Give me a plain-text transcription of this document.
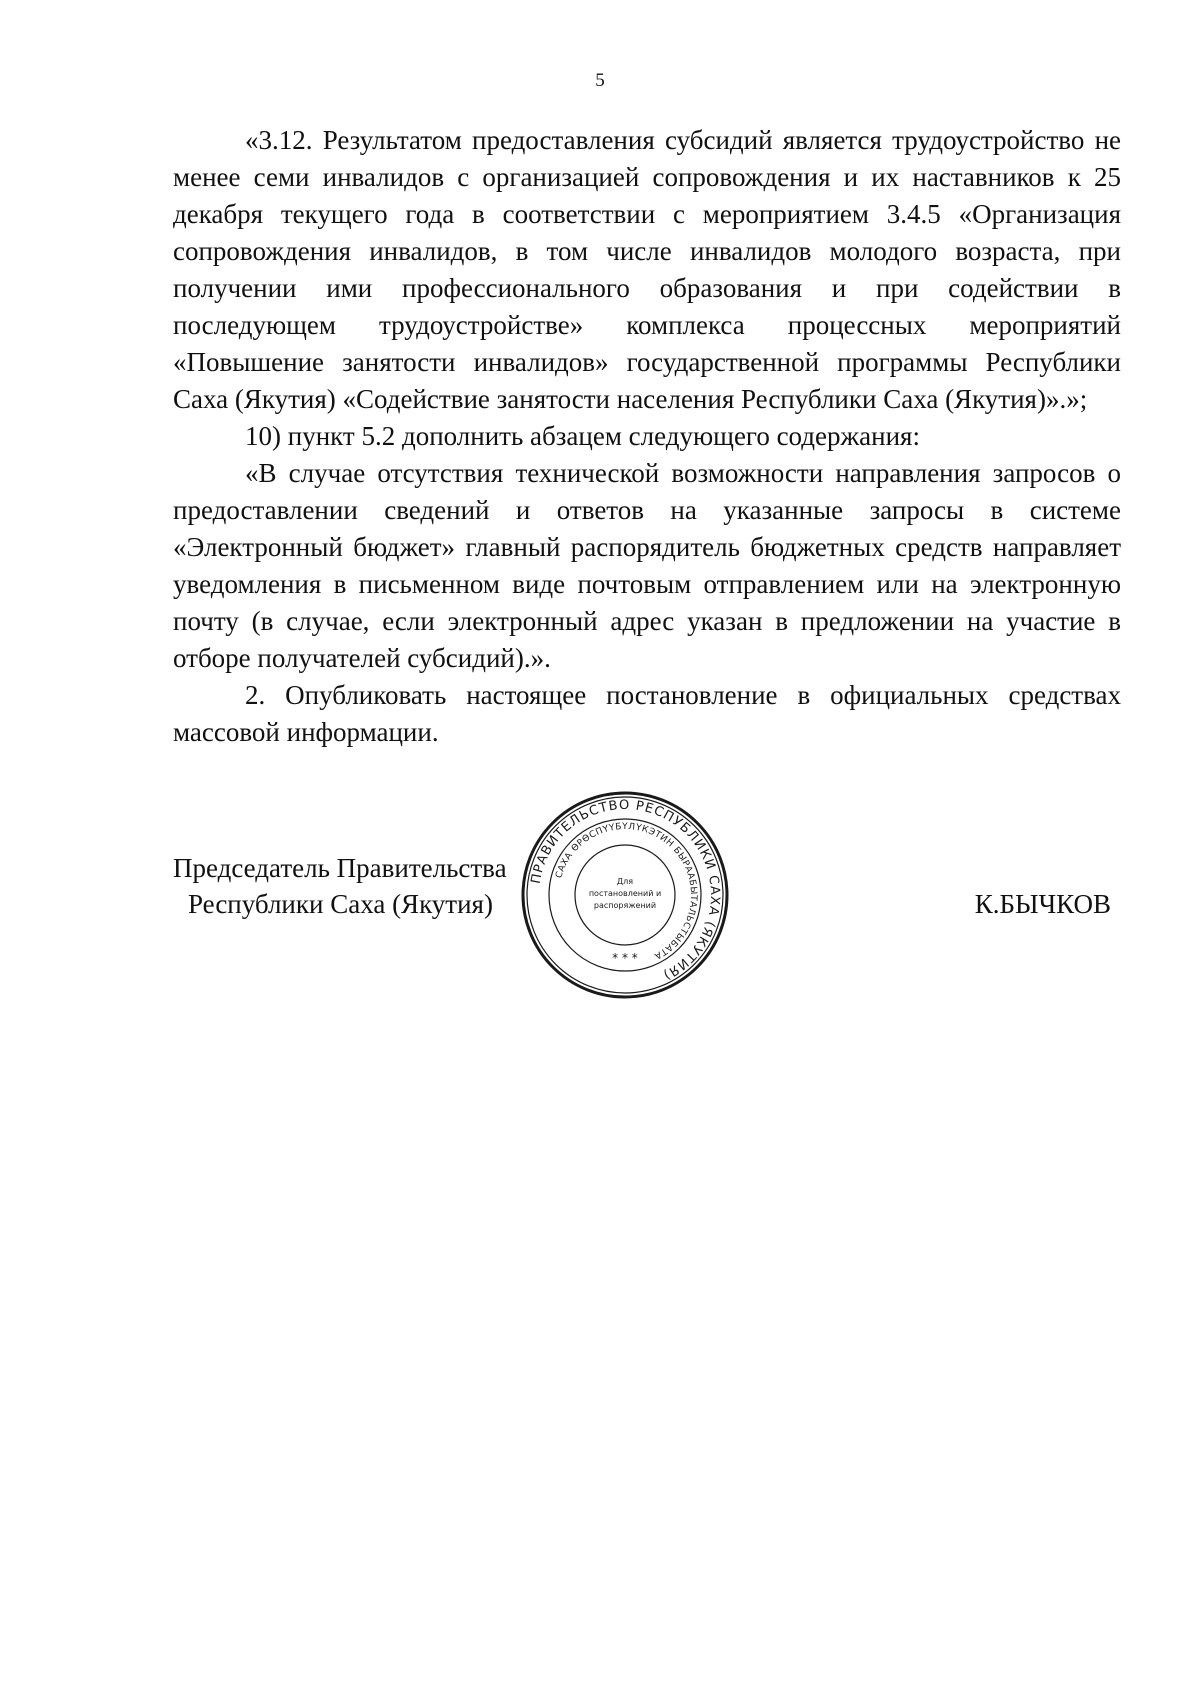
5

«3.12. Результатом предоставления субсидий является трудоустройство не менее семи инвалидов с организацией сопровождения и их наставников к 25 декабря текущего года в соответствии с мероприятием 3.4.5 «Организация сопровождения инвалидов, в том числе инвалидов молодого возраста, при получении ими профессионального образования и при содействии в последующем трудоустройстве» комплекса процессных мероприятий «Повышение занятости инвалидов» государственной программы Республики Саха (Якутия) «Содействие занятости населения Республики Саха (Якутия)».»;

10) пункт 5.2 дополнить абзацем следующего содержания:

«В случае отсутствия технической возможности направления запросов о предоставлении сведений и ответов на указанные запросы в системе «Электронный бюджет» главный распорядитель бюджетных средств направляет уведомления в письменном виде почтовым отправлением или на электронную почту (в случае, если электронный адрес указан в предложении на участие в отборе получателей субсидий).».

2. Опубликовать настоящее постановление в официальных средствах массовой информации.

Председатель Правительства
Республики Саха (Якутия)	К.БЫЧКОВ
ПРАВИТЕЛЬСТВО РЕСПУБЛИКИ САХА (ЯКУТИЯ)
САХА ӨРӨСПҮҮБҮЛҮКЭТИН БЫРААБЫТАЛЬСТЫБАТА
Для
постановлений и
распоряжений
* * *
